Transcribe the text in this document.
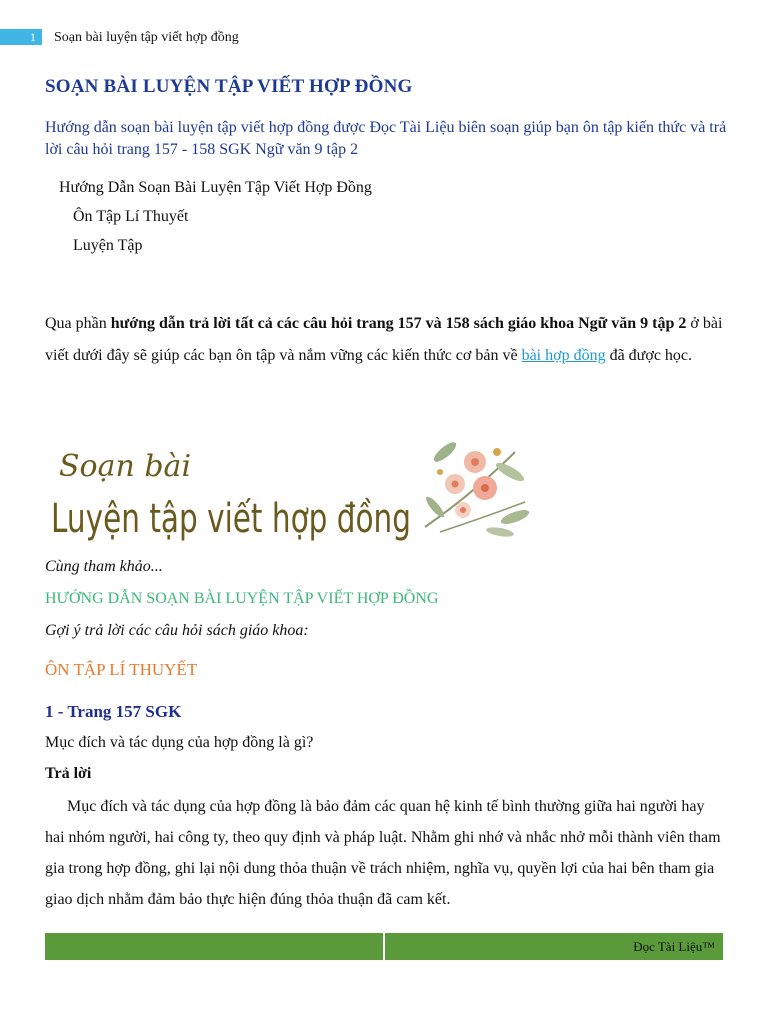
1	Soạn bài luyện tập viết hợp đồng
SOẠN BÀI LUYỆN TẬP VIẾT HỢP ĐỒNG

Hướng dẫn soạn bài luyện tập viết hợp đồng được Đọc Tài Liệu biên soạn giúp bạn ôn tập kiến thức và trả lời câu hỏi trang 157 - 158 SGK Ngữ văn 9 tập 2

Hướng Dẫn Soạn Bài Luyện Tập Viết Hợp Đồng
Ôn Tập Lí Thuyết
Luyện Tập

Qua phần hướng dẫn trả lời tất cả các câu hỏi trang 157 và 158 sách giáo khoa Ngữ văn 9 tập 2 ở bài viết dưới đây sẽ giúp các bạn ôn tập và nắm vững các kiến thức cơ bản về bài hợp đồng đã được học.

Soạn bài
Luyện tập viết hợp đồng
Cùng tham khảo...
HƯỚNG DẪN SOẠN BÀI LUYỆN TẬP VIẾT HỢP ĐỒNG
Gợi ý trả lời các câu hỏi sách giáo khoa:
ÔN TẬP LÍ THUYẾT
1 - Trang 157 SGK
Mục đích và tác dụng của hợp đồng là gì?
Trả lời

Mục đích và tác dụng của hợp đồng là bảo đảm các quan hệ kinh tế bình thường giữa hai người hay hai nhóm người, hai công ty, theo quy định và pháp luật. Nhằm ghi nhớ và nhắc nhở mỗi thành viên tham gia trong hợp đồng, ghi lại nội dung thỏa thuận về trách nhiệm, nghĩa vụ, quyền lợi của hai bên tham gia giao dịch nhằm đảm bảo thực hiện đúng thỏa thuận đã cam kết.

Đọc Tài Liệu™
